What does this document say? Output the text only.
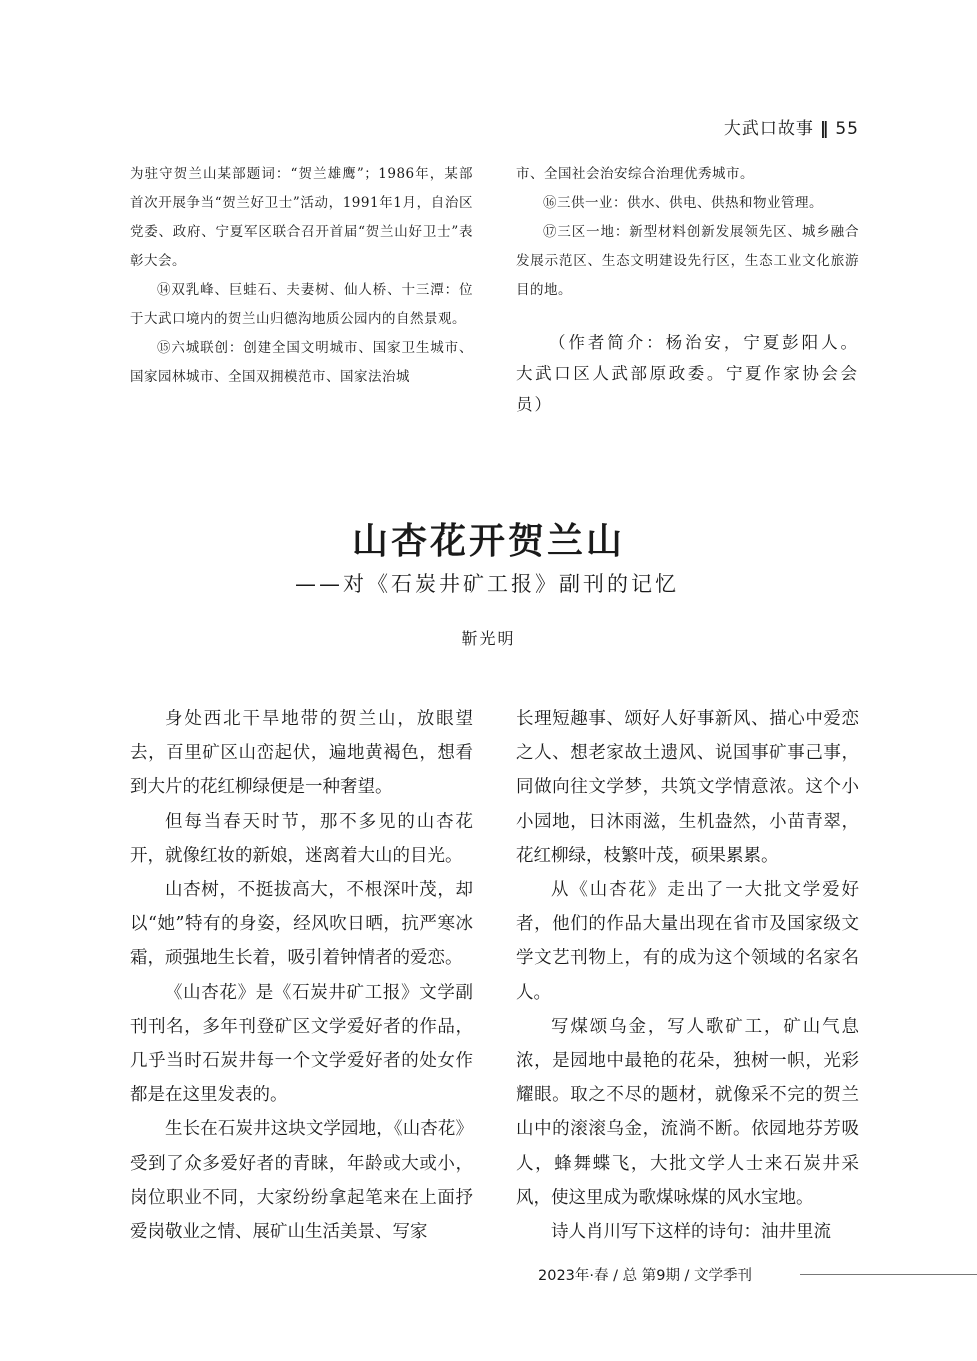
大武口故事 ‖ 55

为驻守贺兰山某部题词：“贺兰雄鹰”；1986年，某部首次开展争当“贺兰好卫士”活动，1991年1月，自治区党委、政府、宁夏军区联合召开首届“贺兰山好卫士”表彰大会。

⑭双乳峰、巨蛙石、夫妻树、仙人桥、十三潭：位于大武口境内的贺兰山归德沟地质公园内的自然景观。

⑮六城联创：创建全国文明城市、国家卫生城市、国家园林城市、全国双拥模范市、国家法治城

市、全国社会治安综合治理优秀城市。

⑯三供一业：供水、供电、供热和物业管理。

⑰三区一地：新型材料创新发展领先区、城乡融合发展示范区、生态文明建设先行区，生态工业文化旅游目的地。

（作者简介：杨治安，宁夏彭阳人。大武口区人武部原政委。宁夏作家协会会员）

山杏花开贺兰山
——对《石炭井矿工报》副刊的记忆
靳光明

身处西北干旱地带的贺兰山，放眼望去，百里矿区山峦起伏，遍地黄褐色，想看到大片的花红柳绿便是一种奢望。

但每当春天时节，那不多见的山杏花开，就像红妆的新娘，迷离着大山的目光。

山杏树，不挺拔高大，不根深叶茂，却以“她”特有的身姿，经风吹日晒，抗严寒冰霜，顽强地生长着，吸引着钟情者的爱恋。

《山杏花》是《石炭井矿工报》文学副刊刊名，多年刊登矿区文学爱好者的作品，几乎当时石炭井每一个文学爱好者的处女作都是在这里发表的。

生长在石炭井这块文学园地，《山杏花》受到了众多爱好者的青睐，年龄或大或小，岗位职业不同，大家纷纷拿起笔来在上面抒爱岗敬业之情、展矿山生活美景、写家

长理短趣事、颂好人好事新风、描心中爱恋之人、想老家故土遗风、说国事矿事己事，同做向往文学梦，共筑文学情意浓。这个小小园地，日沐雨滋，生机盎然，小苗青翠，花红柳绿，枝繁叶茂，硕果累累。

从《山杏花》走出了一大批文学爱好者，他们的作品大量出现在省市及国家级文学文艺刊物上，有的成为这个领域的名家名人。

写煤颂乌金，写人歌矿工，矿山气息浓，是园地中最艳的花朵，独树一帜，光彩耀眼。取之不尽的题材，就像采不完的贺兰山中的滚滚乌金，流淌不断。依园地芬芳吸人，蜂舞蝶飞，大批文学人士来石炭井采风，使这里成为歌煤咏煤的风水宝地。

诗人肖川写下这样的诗句：油井里流

2023年·春 / 总 第9期 / 文学季刊
